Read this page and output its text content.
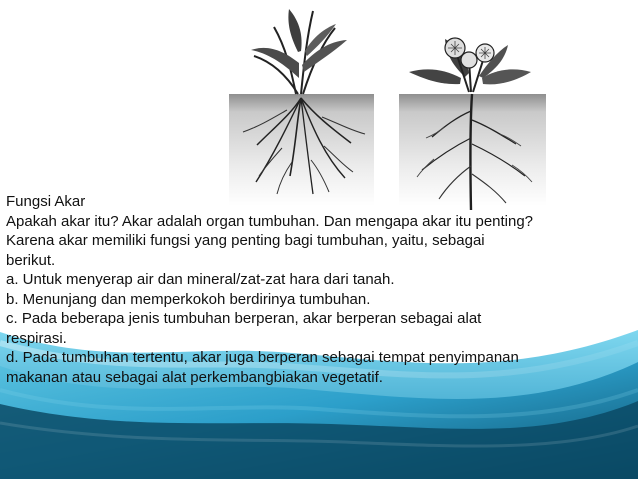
Fungsi Akar
Apakah akar itu? Akar adalah organ tumbuhan. Dan mengapa akar itu penting?
Karena akar memiliki fungsi yang penting bagi tumbuhan, yaitu, sebagai
berikut.
a. Untuk menyerap air dan mineral/zat-zat hara dari tanah.
b. Menunjang dan memperkokoh berdirinya tumbuhan.
c. Pada beberapa jenis tumbuhan berperan, akar berperan sebagai alat
respirasi.
d. Pada tumbuhan tertentu, akar juga berperan sebagai tempat penyimpanan
makanan atau sebagai alat perkembangbiakan vegetatif.
